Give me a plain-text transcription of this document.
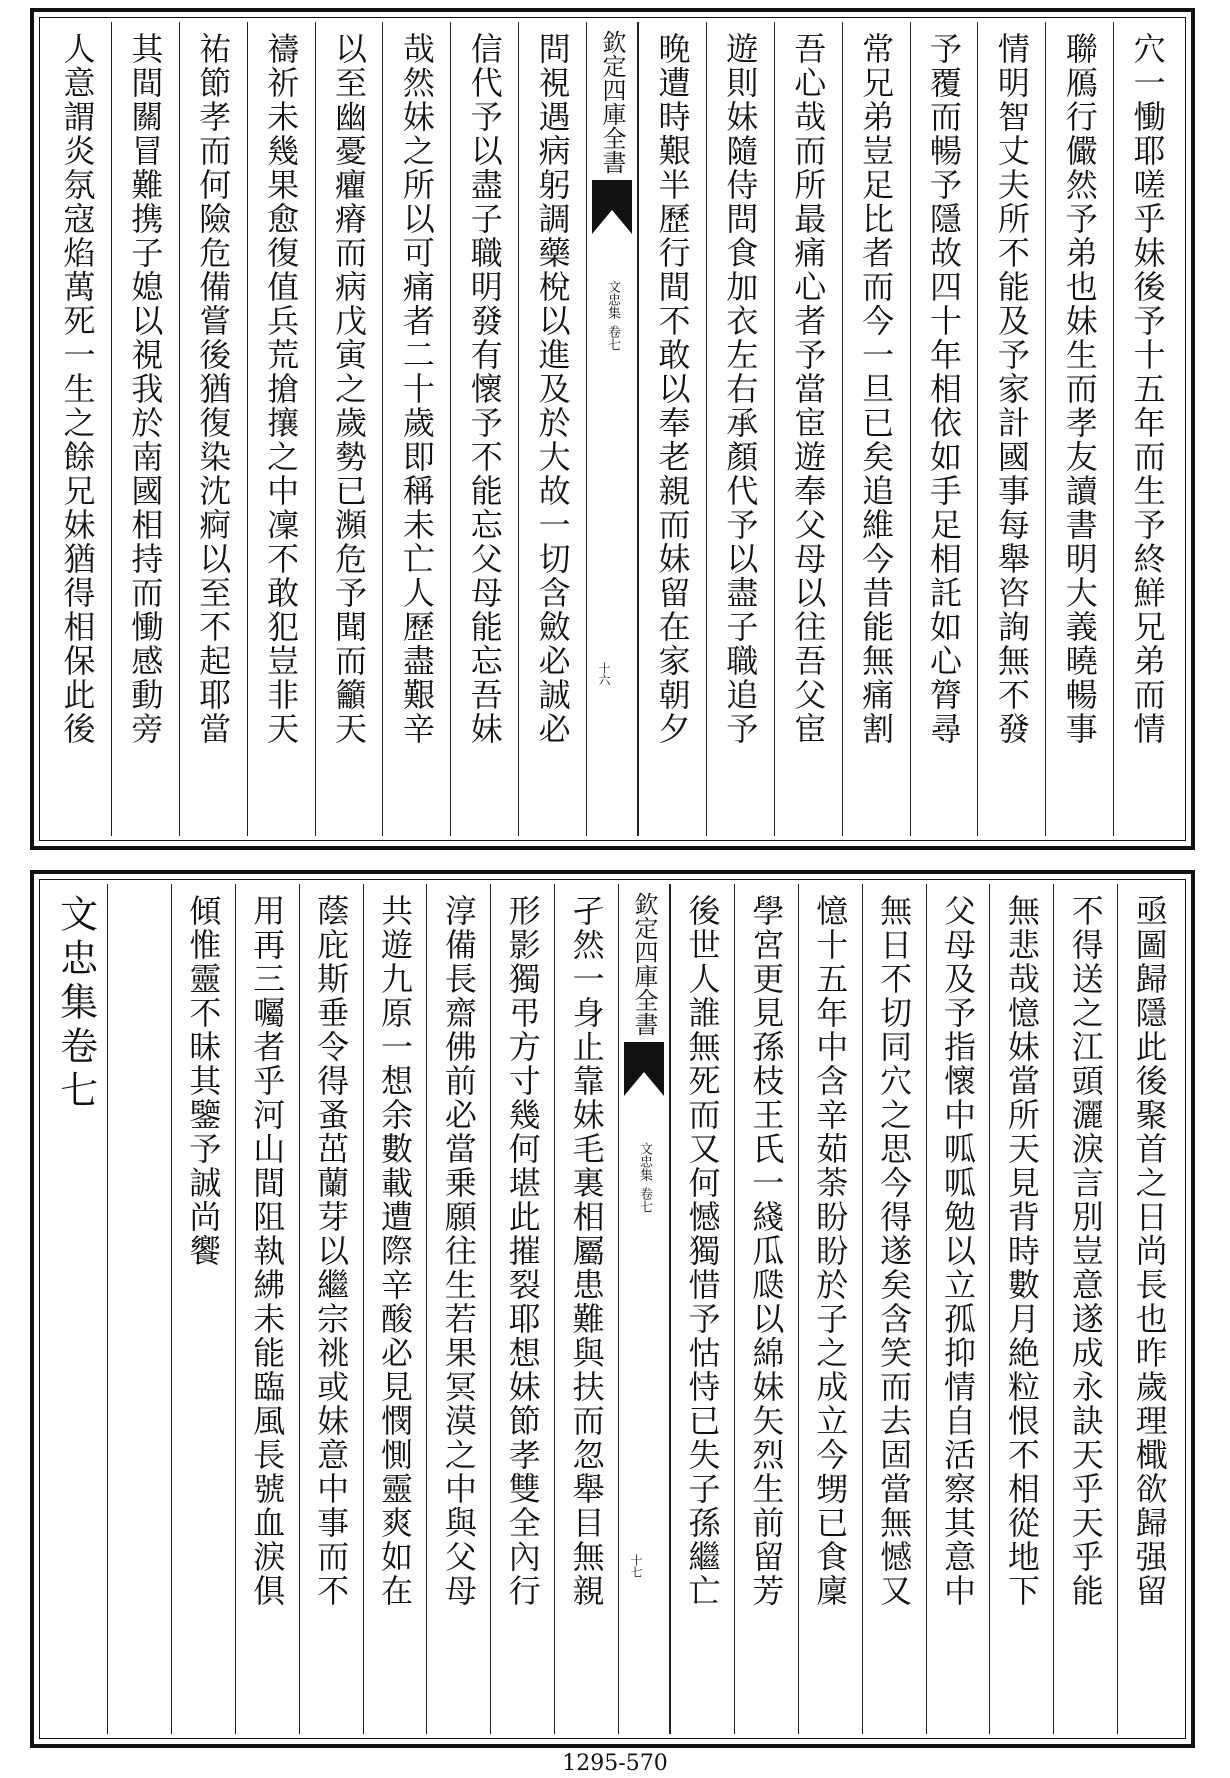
穴一慟耶嗟乎妹後予十五年而生予終鮮兄弟而情
聯鴈行儼然予弟也妹生而孝友讀書明大義曉暢事
情明智丈夫所不能及予家計國事每舉咨詢無不發
予覆而暢予隱故四十年相依如手足相託如心膂尋
常兄弟豈足比者而今一旦已矣追維今昔能無痛割
吾心哉而所最痛心者予當宦遊奉父母以往吾父宦
遊則妹隨侍問食加衣左右承顏代予以盡子職追予
晚遭時艱半歷行間不敢以奉老親而妹留在家朝夕
欽定四庫全書
文忠集
卷七
十六
問視遇病躬調藥梲以進及於大故一切含斂必誠必
信代予以盡子職明發有懷予不能忘父母能忘吾妹
哉然妹之所以可痛者二十歲即稱未亡人歷盡艱辛
以至幽憂癯瘠而病戊寅之歲勢已瀕危予聞而籲天
禱祈未幾果愈復值兵荒搶攘之中凜不敢犯豈非天
祐節孝而何險危備嘗後猶復染沈痾以至不起耶當
其間關冒難携子媳以視我於南國相持而慟感動旁
人意謂炎氛寇焰萬死一生之餘兄妹猶得相保此後
亟圖歸隱此後聚首之日尚長也昨歲理檝欲歸强留
不得送之江頭灑淚言別豈意遂成永訣天乎天乎能
無悲哉憶妹當所天見背時數月絶粒恨不相從地下
父母及予指懷中呱呱勉以立孤抑情自活察其意中
無日不切同穴之思今得遂矣含笑而去固當無憾又
憶十五年中含辛茹荼盼盼於子之成立今甥已食廩
學宮更見孫枝王氏一綫瓜瓞以綿妹矢烈生前留芳
後世人誰無死而又何憾獨惜予怙恃已失子孫繼亡
欽定四庫全書
文忠集
卷七
十七
孑然一身止靠妹毛裏相屬患難與扶而忽舉目無親
形影獨弔方寸幾何堪此摧裂耶想妹節孝雙全內行
淳備長齋佛前必當乗願往生若果冥漠之中與父母
共遊九原一想余數載遭際辛酸必見憫惻靈爽如在
蔭庇斯垂令得蚤茁蘭芽以繼宗祧或妹意中事而不
用再三囑者乎河山間阻執紼未能臨風長號血淚俱
傾惟靈不昧其鑒予誠尚饗
文忠集卷七
1295-570
